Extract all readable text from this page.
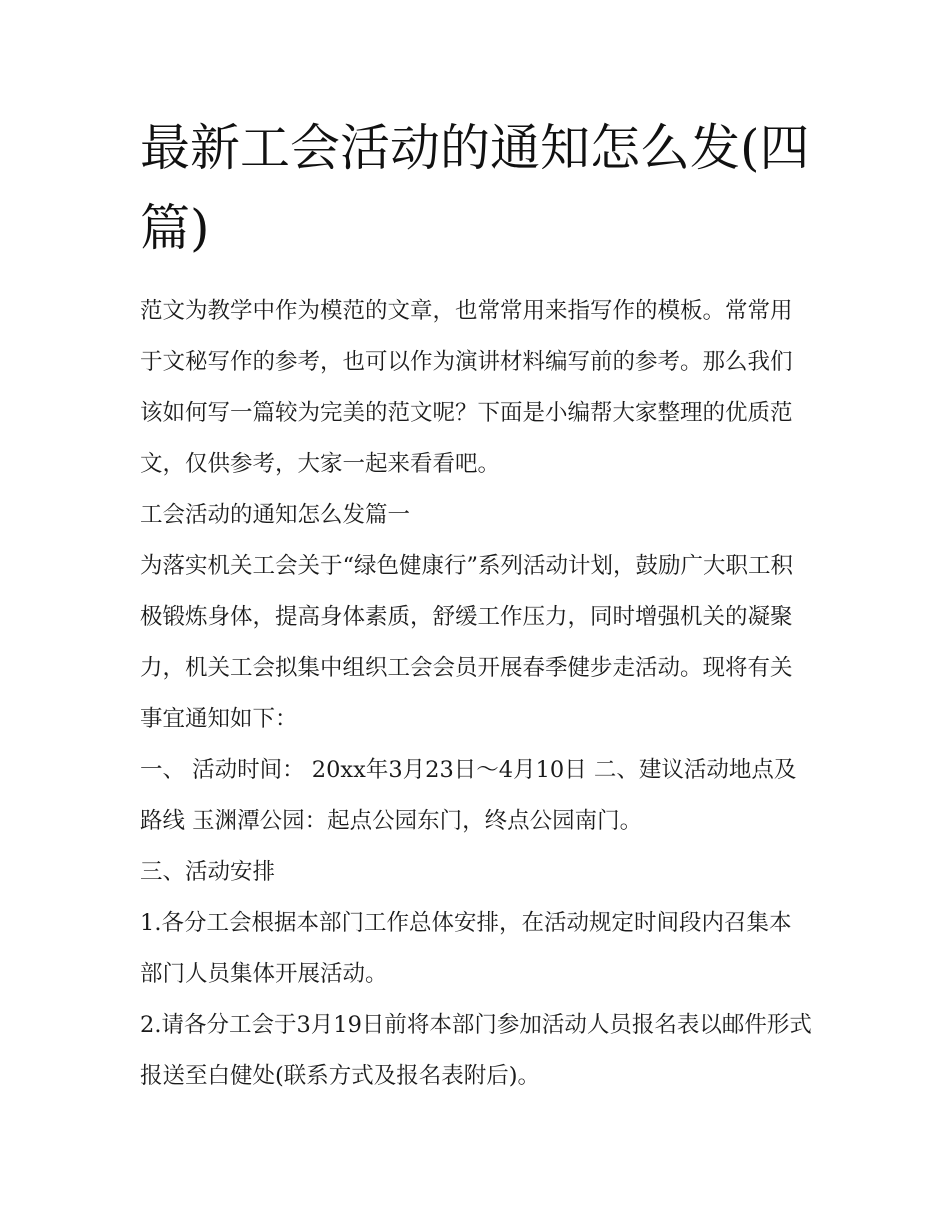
最新工会活动的通知怎么发(四篇)

范文为教学中作为模范的文章，也常常用来指写作的模板。常常用于文秘写作的参考，也可以作为演讲材料编写前的参考。那么我们该如何写一篇较为完美的范文呢？下面是小编帮大家整理的优质范文，仅供参考，大家一起来看看吧。

工会活动的通知怎么发篇一

为落实机关工会关于“绿色健康行”系列活动计划，鼓励广大职工积极锻炼身体，提高身体素质，舒缓工作压力，同时增强机关的凝聚力，机关工会拟集中组织工会会员开展春季健步走活动。现将有关事宜通知如下：

一、 活动时间： 20xx年3月23日～4月10日 二、建议活动地点及路线 玉渊潭公园：起点公园东门，终点公园南门。

三、活动安排

1.各分工会根据本部门工作总体安排，在活动规定时间段内召集本部门人员集体开展活动。

2.请各分工会于3月19日前将本部门参加活动人员报名表以邮件形式报送至白健处(联系方式及报名表附后)。
